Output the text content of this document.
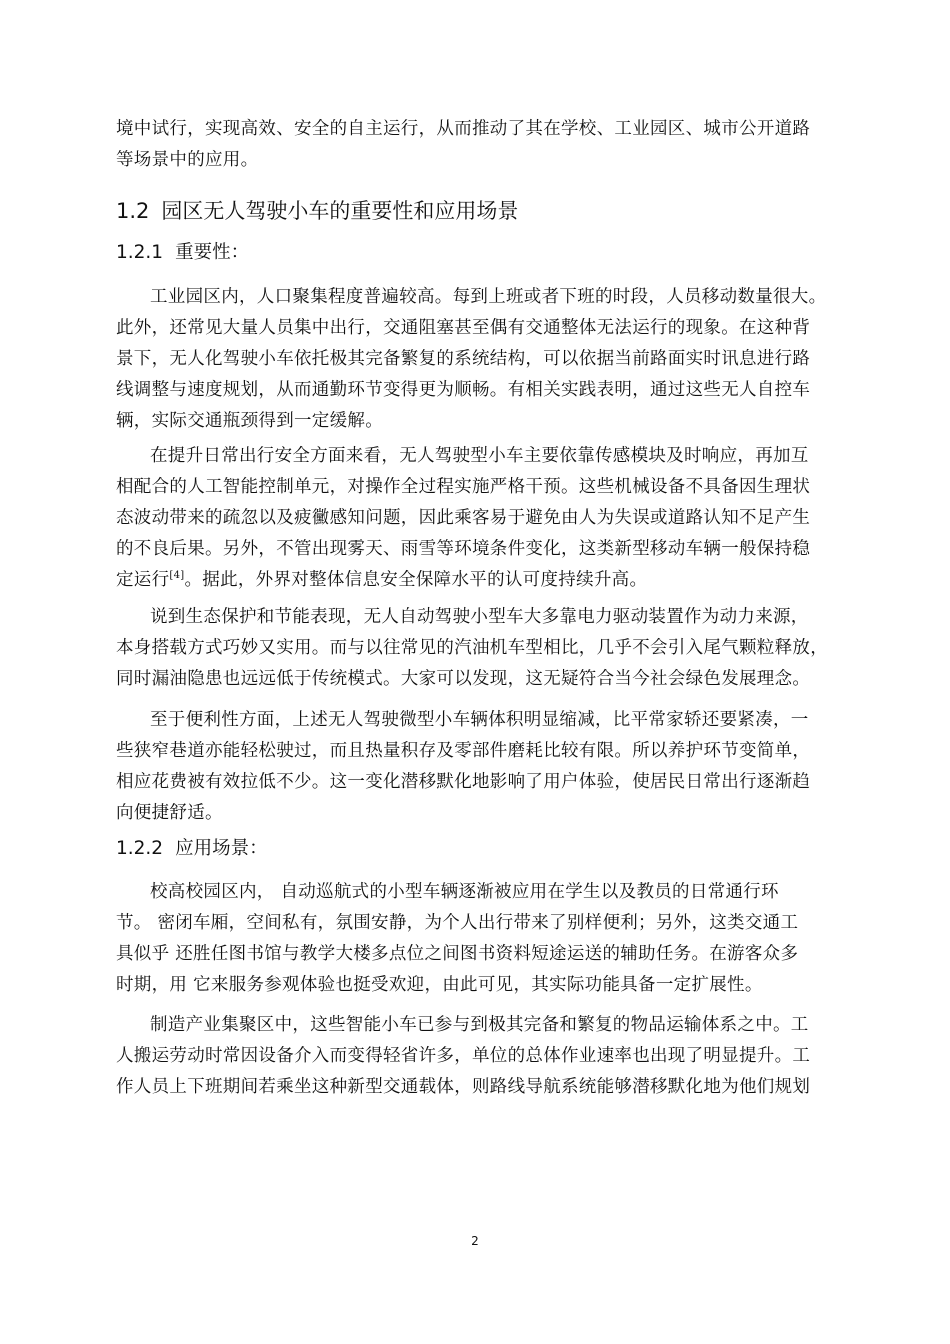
境中试行，实现高效、安全的自主运行，从而推动了其在学校、工业园区、城市公开道路
等场景中的应用。
1.2 园区无人驾驶小车的重要性和应用场景
1.2.1 重要性：
工业园区内，人口聚集程度普遍较高。每到上班或者下班的时段，人员移动数量很大。
此外，还常见大量人员集中出行，交通阻塞甚至偶有交通整体无法运行的现象。在这种背
景下，无人化驾驶小车依托极其完备繁复的系统结构，可以依据当前路面实时讯息进行路
线调整与速度规划，从而通勤环节变得更为顺畅。有相关实践表明，通过这些无人自控车
辆，实际交通瓶颈得到一定缓解。
在提升日常出行安全方面来看，无人驾驶型小车主要依靠传感模块及时响应，再加互
相配合的人工智能控制单元，对操作全过程实施严格干预。这些机械设备不具备因生理状
态波动带来的疏忽以及疲黴感知问题，因此乘客易于避免由人为失误或道路认知不足产生
的不良后果。另外，不管出现雾天、雨雪等环境条件变化，这类新型移动车辆一般保持稳
定运行[4]。据此，外界对整体信息安全保障水平的认可度持续升高。
说到生态保护和节能表现，无人自动驾驶小型车大多靠电力驱动装置作为动力来源，
本身搭载方式巧妙又实用。而与以往常见的汽油机车型相比，几乎不会引入尾气颗粒释放，
同时漏油隐患也远远低于传统模式。大家可以发现，这无疑符合当今社会绿色发展理念。
至于便利性方面，上述无人驾驶微型小车辆体积明显缩减，比平常家轿还要紧凑，一
些狭窄巷道亦能轻松驶过，而且热量积存及零部件磨耗比较有限。所以养护环节变简单，
相应花费被有效拉低不少。这一变化潜移默化地影响了用户体验，使居民日常出行逐渐趋
向便捷舒适。
1.2.2 应用场景：
校高校园区内， 自动巡航式的小型车辆逐渐被应用在学生以及教员的日常通行环
节。 密闭车厢，空间私有，氛围安静，为个人出行带来了别样便利；另外，这类交通工
具似乎 还胜任图书馆与教学大楼多点位之间图书资料短途运送的辅助任务。在游客众多
时期，用 它来服务参观体验也挺受欢迎，由此可见，其实际功能具备一定扩展性。
制造产业集聚区中，这些智能小车已参与到极其完备和繁复的物品运输体系之中。工
人搬运劳动时常因设备介入而变得轻省许多，单位的总体作业速率也出现了明显提升。工
作人员上下班期间若乘坐这种新型交通载体，则路线导航系统能够潜移默化地为他们规划
2
